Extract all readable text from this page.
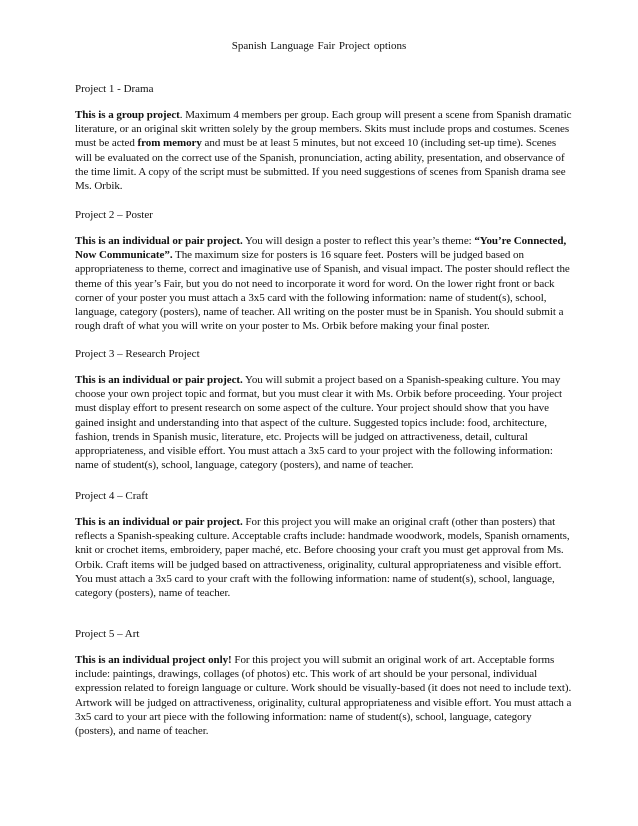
Spanish Language Fair Project options

Project 1 - Drama

This is a group project. Maximum 4 members per group. Each group will present a scene from Spanish dramatic literature, or an original skit written solely by the group members. Skits must include props and costumes. Scenes must be acted from memory and must be at least 5 minutes, but not exceed 10 (including set-up time). Scenes will be evaluated on the correct use of the Spanish, pronunciation, acting ability, presentation, and observance of the time limit. A copy of the script must be submitted. If you need suggestions of scenes from Spanish drama see Ms. Orbik.

Project 2 – Poster

This is an individual or pair project. You will design a poster to reflect this year’s theme: “You’re Connected, Now Communicate”. The maximum size for posters is 16 square feet. Posters will be judged based on appropriateness to theme, correct and imaginative use of Spanish, and visual impact. The poster should reflect the theme of this year’s Fair, but you do not need to incorporate it word for word. On the lower right front or back corner of your poster you must attach a 3x5 card with the following information: name of student(s), school, language, category (posters), name of teacher. All writing on the poster must be in Spanish. You should submit a rough draft of what you will write on your poster to Ms. Orbik before making your final poster.

Project 3 – Research Project

This is an individual or pair project. You will submit a project based on a Spanish-speaking culture. You may choose your own project topic and format, but you must clear it with Ms. Orbik before proceeding. Your project must display effort to present research on some aspect of the culture. Your project should show that you have gained insight and understanding into that aspect of the culture. Suggested topics include: food, architecture, fashion, trends in Spanish music, literature, etc. Projects will be judged on attractiveness, detail, cultural appropriateness, and visible effort. You must attach a 3x5 card to your project with the following information: name of student(s), school, language, category (posters), and name of teacher.

Project 4 – Craft

This is an individual or pair project. For this project you will make an original craft (other than posters) that reflects a Spanish-speaking culture. Acceptable crafts include: handmade woodwork, models, Spanish ornaments, knit or crochet items, embroidery, paper maché, etc. Before choosing your craft you must get approval from Ms. Orbik. Craft items will be judged based on attractiveness, originality, cultural appropriateness and visible effort. You must attach a 3x5 card to your craft with the following information: name of student(s), school, language, category (posters), name of teacher.

Project 5 – Art

This is an individual project only! For this project you will submit an original work of art. Acceptable forms include: paintings, drawings, collages (of photos) etc. This work of art should be your personal, individual expression related to foreign language or culture. Work should be visually-based (it does not need to include text). Artwork will be judged on attractiveness, originality, cultural appropriateness and visible effort. You must attach a 3x5 card to your art piece with the following information: name of student(s), school, language, category (posters), and name of teacher.
